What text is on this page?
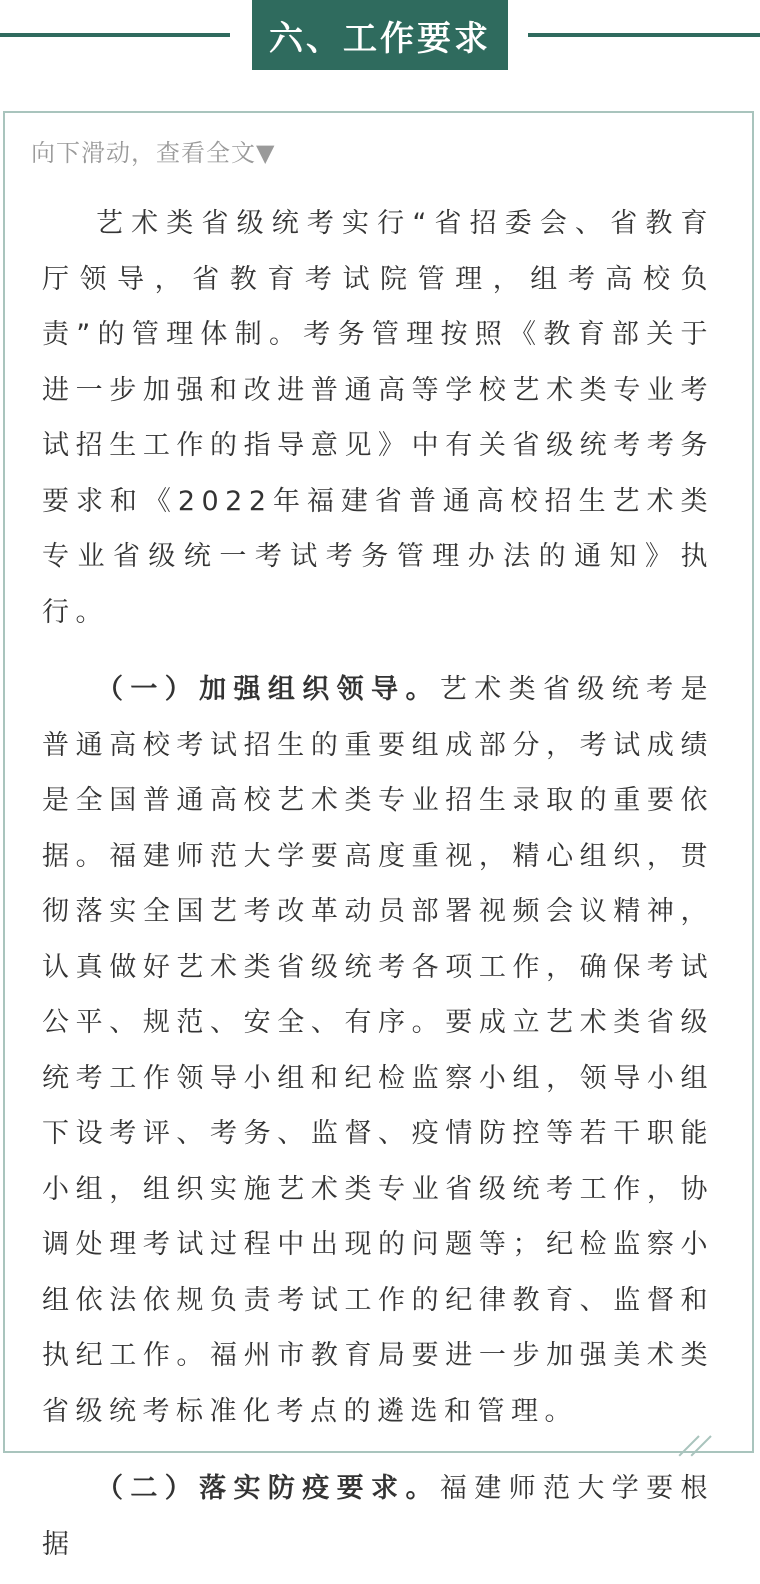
六、工作要求
向下滑动，查看全文▼

艺术类省级统考实行“省招委会、省教育厅领导，省教育考试院管理，组考高校负责”的管理体制。考务管理按照《教育部关于进一步加强和改进普通高等学校艺术类专业考试招生工作的指导意见》中有关省级统考考务要求和《2022年福建省普通高校招生艺术类专业省级统一考试考务管理办法的通知》执行。

（一）加强组织领导。艺术类省级统考是普通高校考试招生的重要组成部分，考试成绩是全国普通高校艺术类专业招生录取的重要依据。福建师范大学要高度重视，精心组织，贯彻落实全国艺考改革动员部署视频会议精神，认真做好艺术类省级统考各项工作，确保考试公平、规范、安全、有序。要成立艺术类省级统考工作领导小组和纪检监察小组，领导小组下设考评、考务、监督、疫情防控等若干职能小组，组织实施艺术类专业省级统考工作，协调处理考试过程中出现的问题等；纪检监察小组依法依规负责考试工作的纪律教育、监督和执纪工作。福州市教育局要进一步加强美术类省级统考标准化考点的遴选和管理。

（二）落实防疫要求。福建师范大学要根据
